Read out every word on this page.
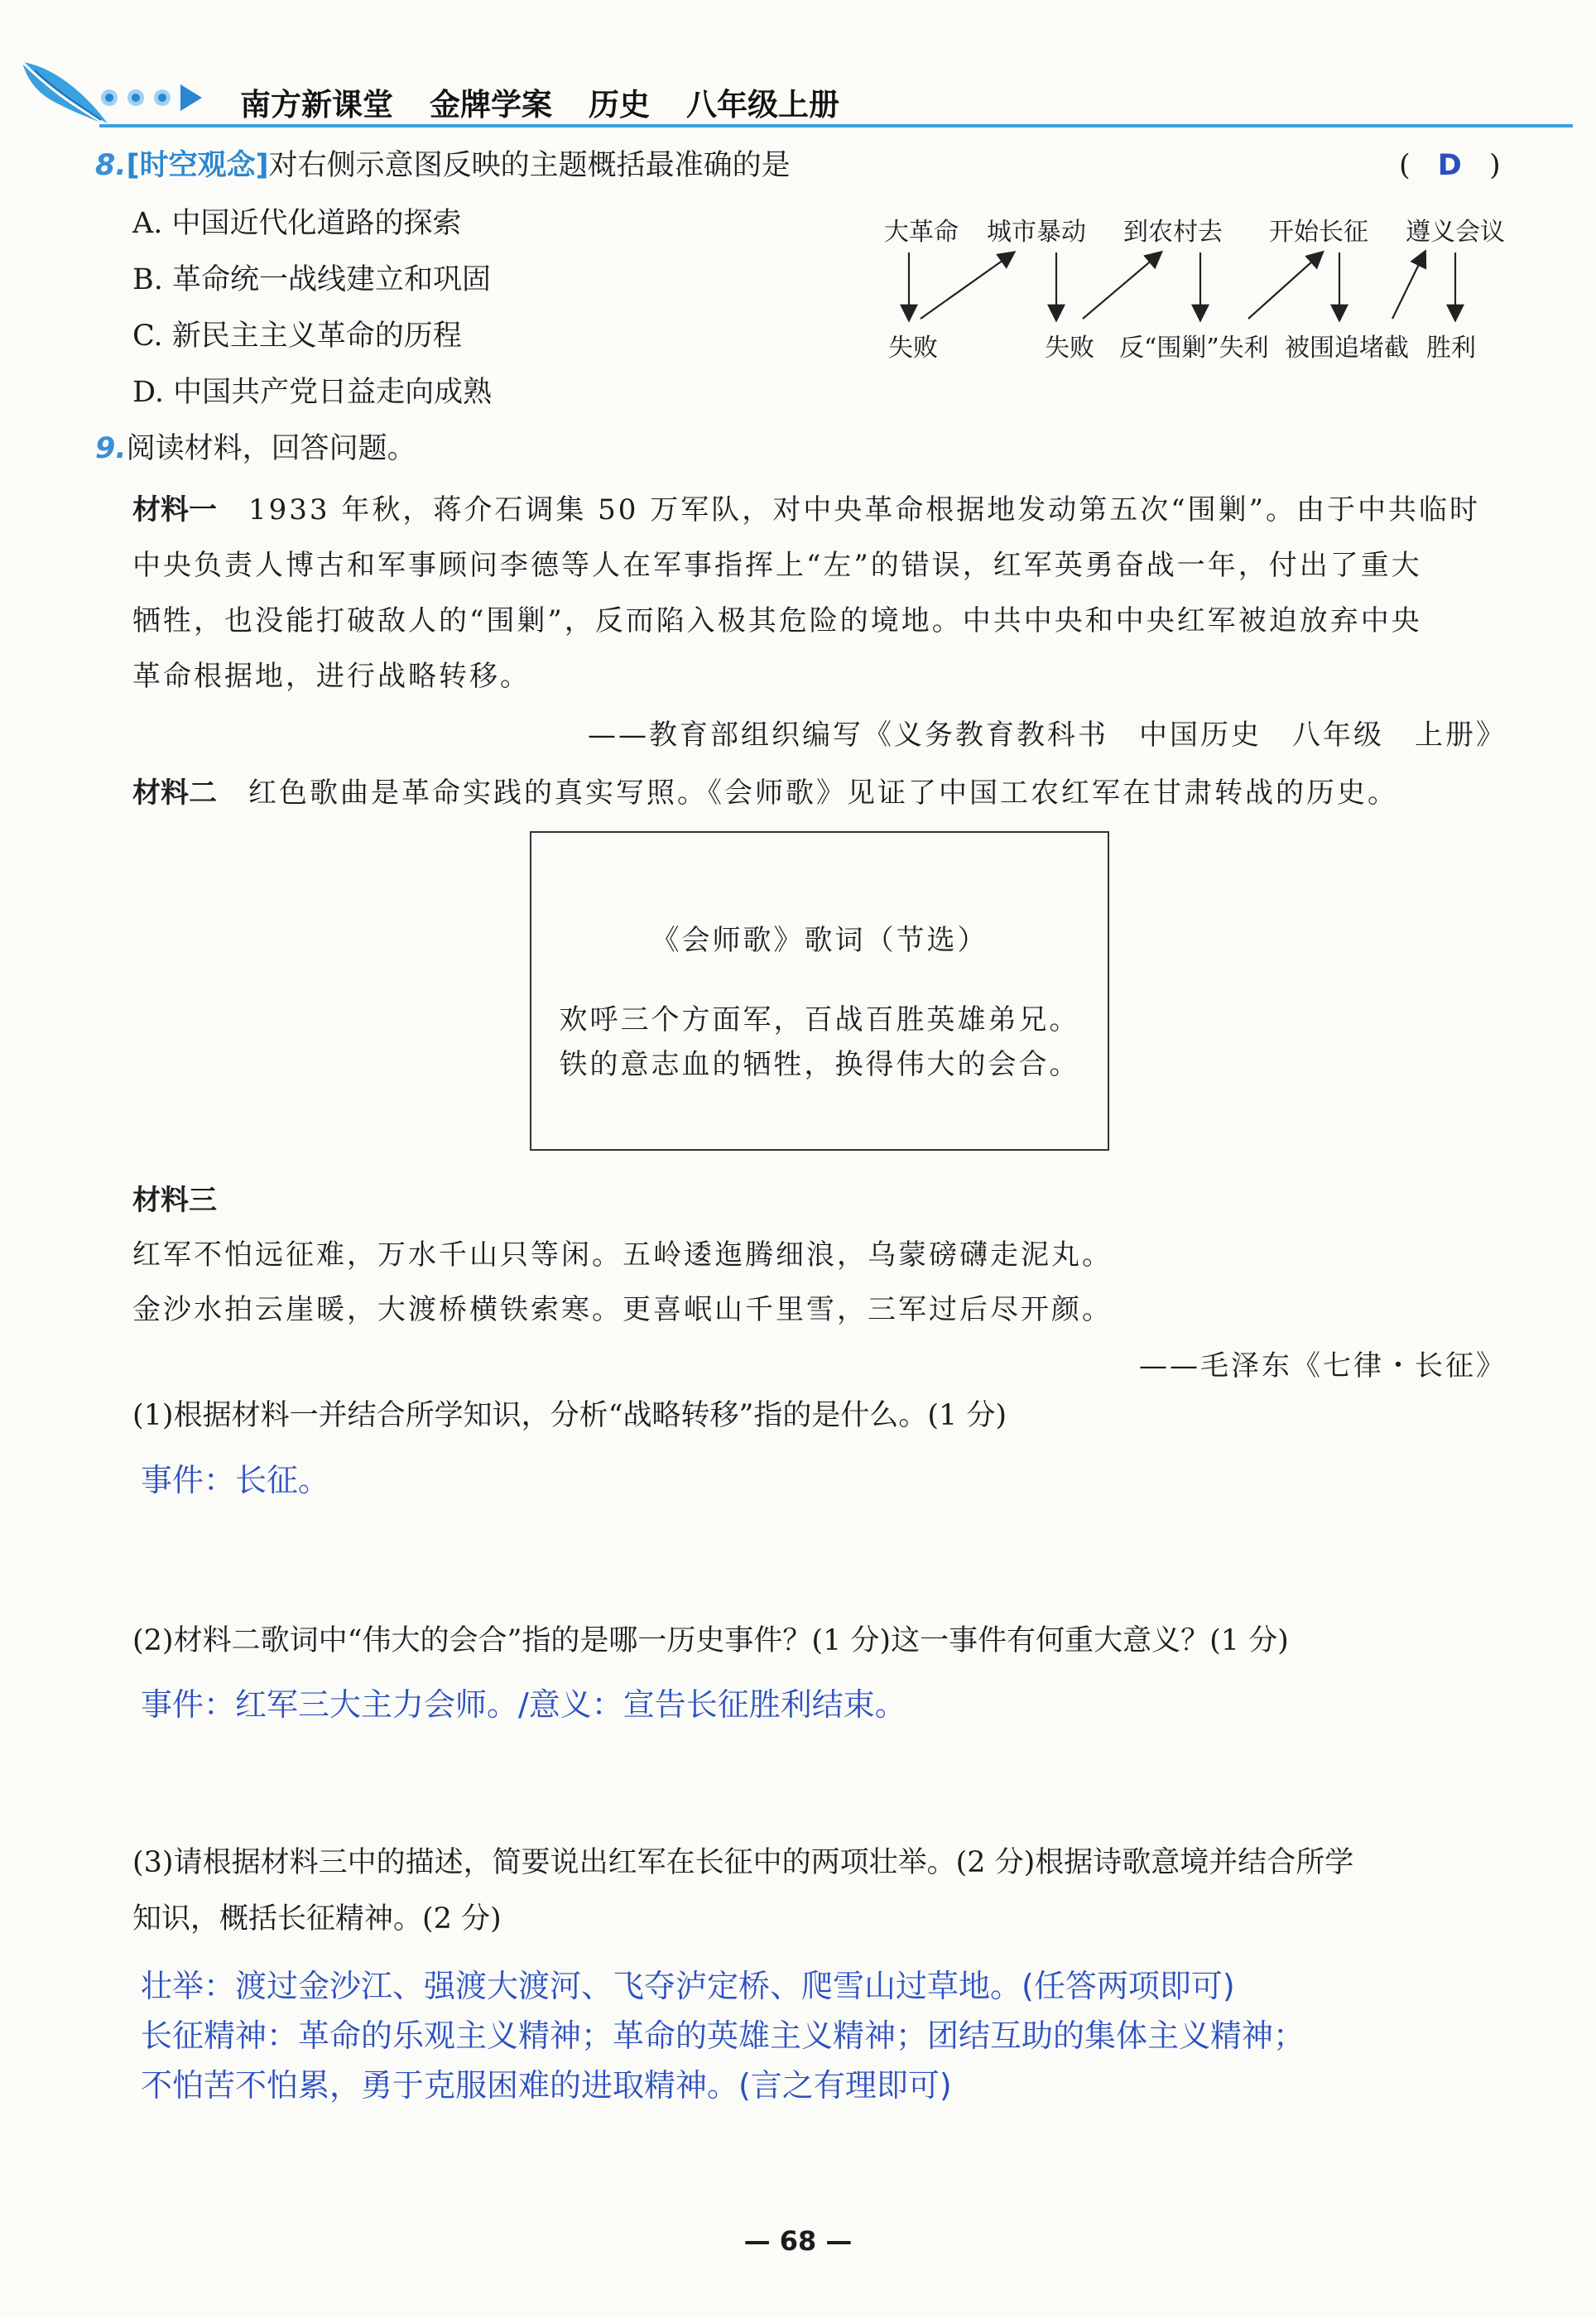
南方新课堂 金牌学案 历史 八年级上册
8.[时空观念]对右侧示意图反映的主题概括最准确的是	( D )
A. 中国近代化道路的探索
B. 革命统一战线建立和巩固
C. 新民主主义革命的历程
D. 中国共产党日益走向成熟
大革命 城市暴动 到农村去 开始长征 遵义会议
失败	失败 反“围剿”失利 被围追堵截 胜利
9.阅读材料，回答问题。
材料一 1933 年秋，蒋介石调集 50 万军队，对中央革命根据地发动第五次“围剿”。由于中共临时
中央负责人博古和军事顾问李德等人在军事指挥上“左”的错误，红军英勇奋战一年，付出了重大
牺牲，也没能打破敌人的“围剿”，反而陷入极其危险的境地。中共中央和中央红军被迫放弃中央
革命根据地，进行战略转移。
——教育部组织编写《义务教育教科书　中国历史　八年级　上册》
材料二 红色歌曲是革命实践的真实写照。《会师歌》见证了中国工农红军在甘肃转战的历史。
《会师歌》歌词（节选）
欢呼三个方面军，百战百胜英雄弟兄。
铁的意志血的牺牲，换得伟大的会合。
材料三
红军不怕远征难，万水千山只等闲。五岭逶迤腾细浪，乌蒙磅礴走泥丸。
金沙水拍云崖暖，大渡桥横铁索寒。更喜岷山千里雪，三军过后尽开颜。
——毛泽东《七律・长征》
(1)根据材料一并结合所学知识，分析“战略转移”指的是什么。(1 分)
事件：长征。
(2)材料二歌词中“伟大的会合”指的是哪一历史事件？(1 分)这一事件有何重大意义？(1 分)
事件：红军三大主力会师。/意义：宣告长征胜利结束。
(3)请根据材料三中的描述，简要说出红军在长征中的两项壮举。(2 分)根据诗歌意境并结合所学
知识，概括长征精神。(2 分)
壮举：渡过金沙江、强渡大渡河、飞夺泸定桥、爬雪山过草地。(任答两项即可)
长征精神：革命的乐观主义精神；革命的英雄主义精神；团结互助的集体主义精神；
不怕苦不怕累，勇于克服困难的进取精神。(言之有理即可)
— 68 —
